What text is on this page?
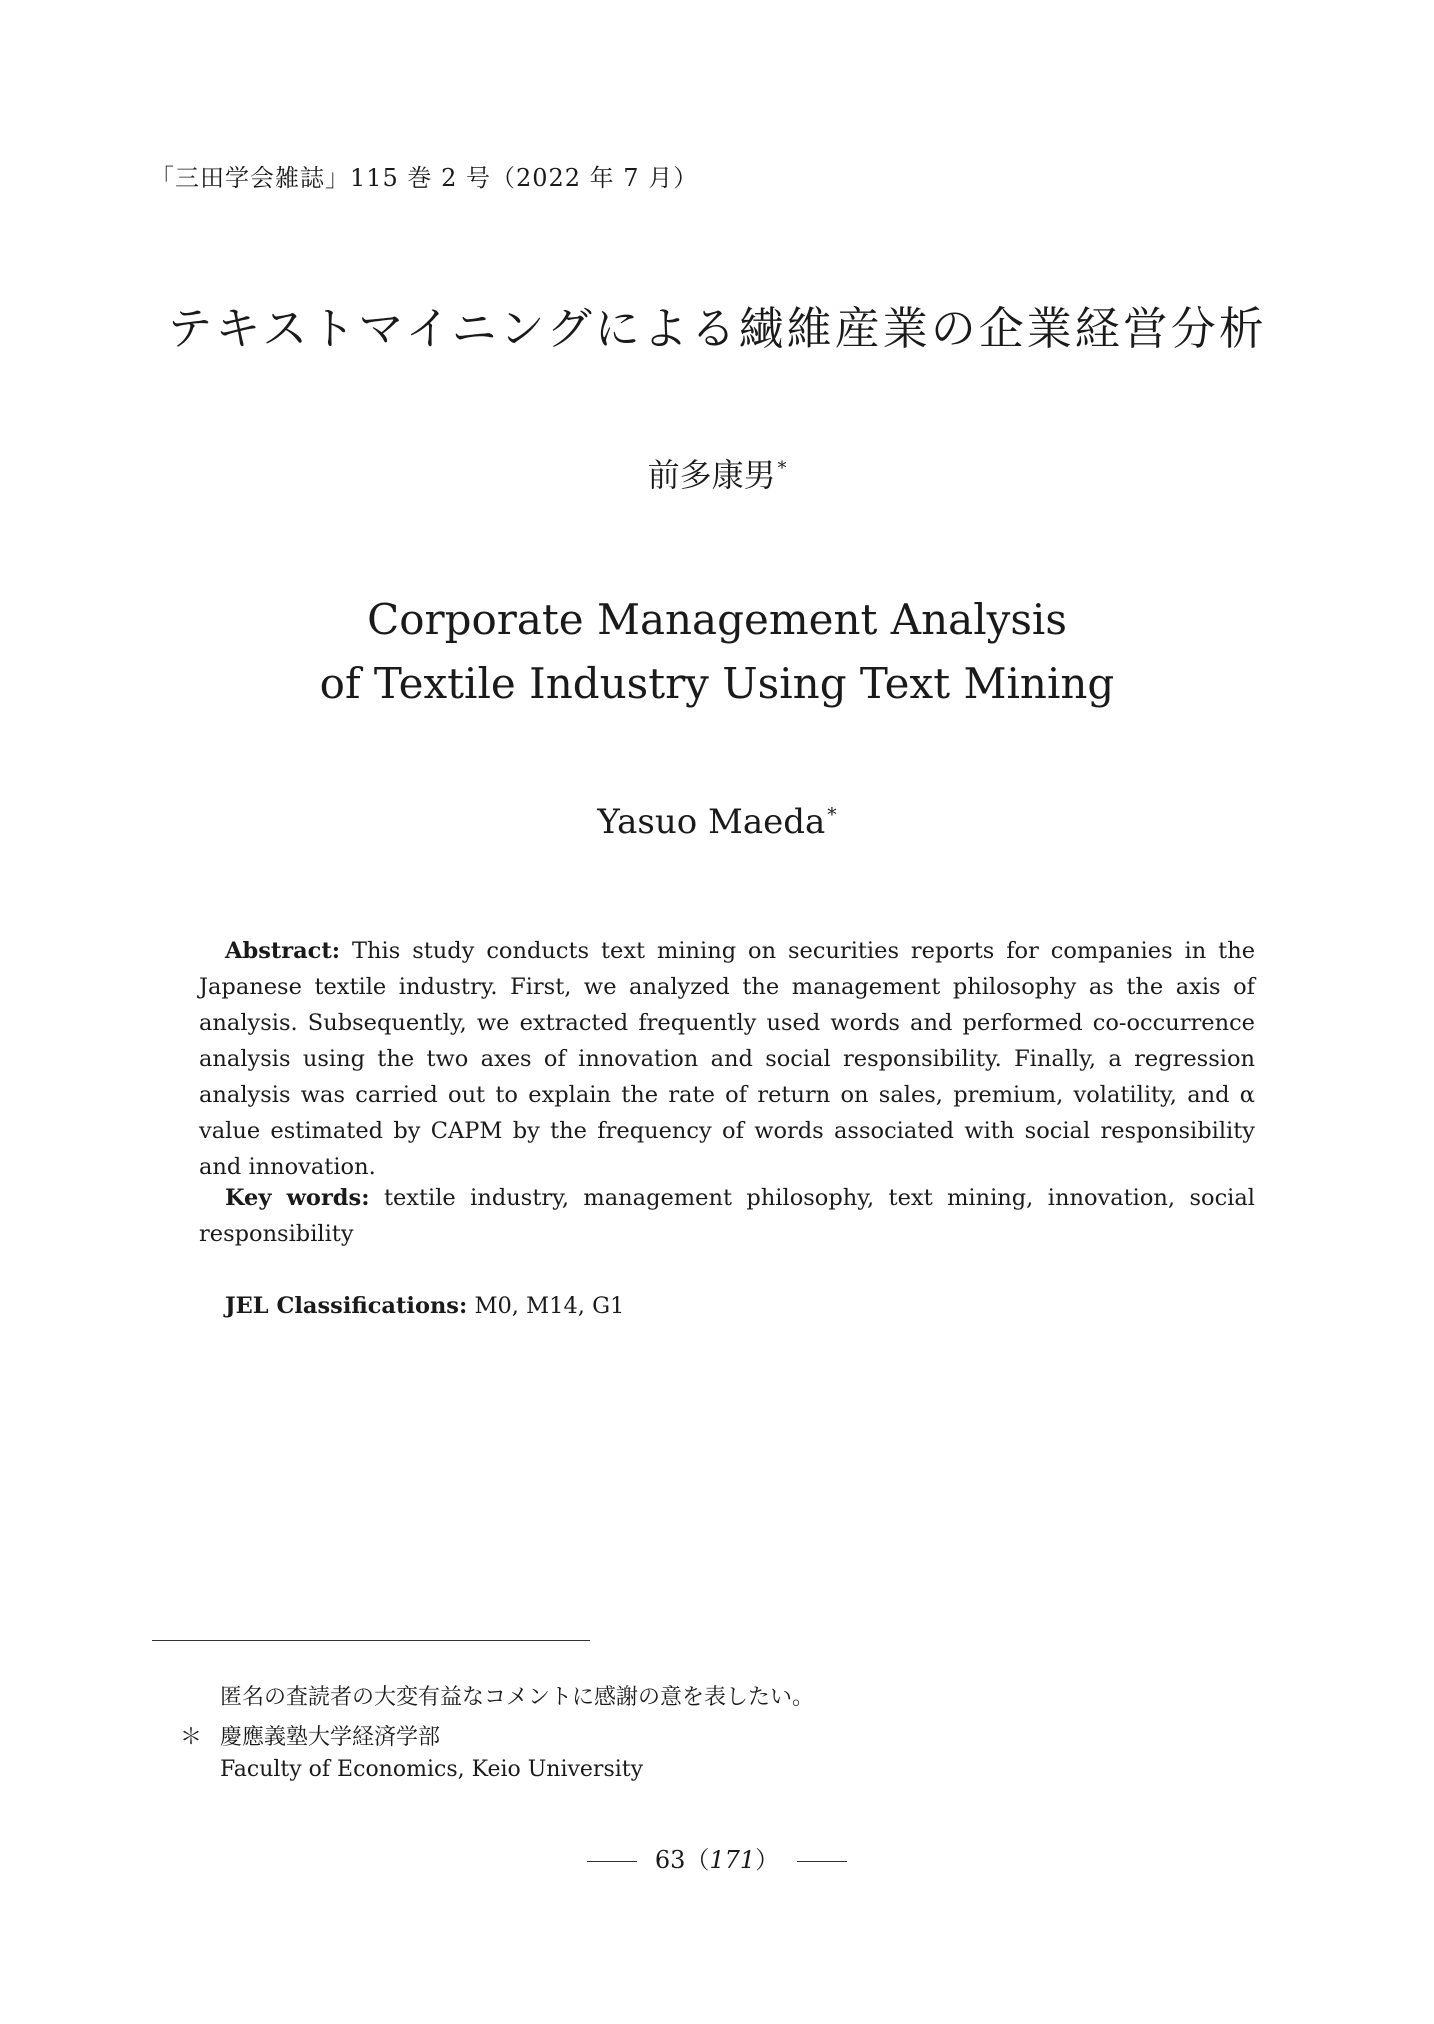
「三田学会雑誌」115 巻 2 号（2022 年 7 月）
テキストマイニングによる繊維産業の企業経営分析
前多康男 *
Corporate Management Analysis
of Textile Industry Using Text Mining
Yasuo Maeda *

Abstract: This study conducts text mining on securities reports for companies in the Japanese textile industry. First, we analyzed the management philosophy as the axis of analysis. Subsequently, we extracted frequently used words and performed co-occurrence analysis using the two axes of innovation and social responsibility. Finally, a regression analysis was carried out to explain the rate of return on sales, premium, volatility, and α value estimated by CAPM by the frequency of words associated with social responsibility and innovation.

Key words: textile industry, management philosophy, text mining, innovation, social responsibility

JEL Classifications: M0, M14, G1

匿名の査読者の大変有益なコメントに感謝の意を表したい。
＊ 慶應義塾大学経済学部
Faculty of Economics, Keio University
63（171）
